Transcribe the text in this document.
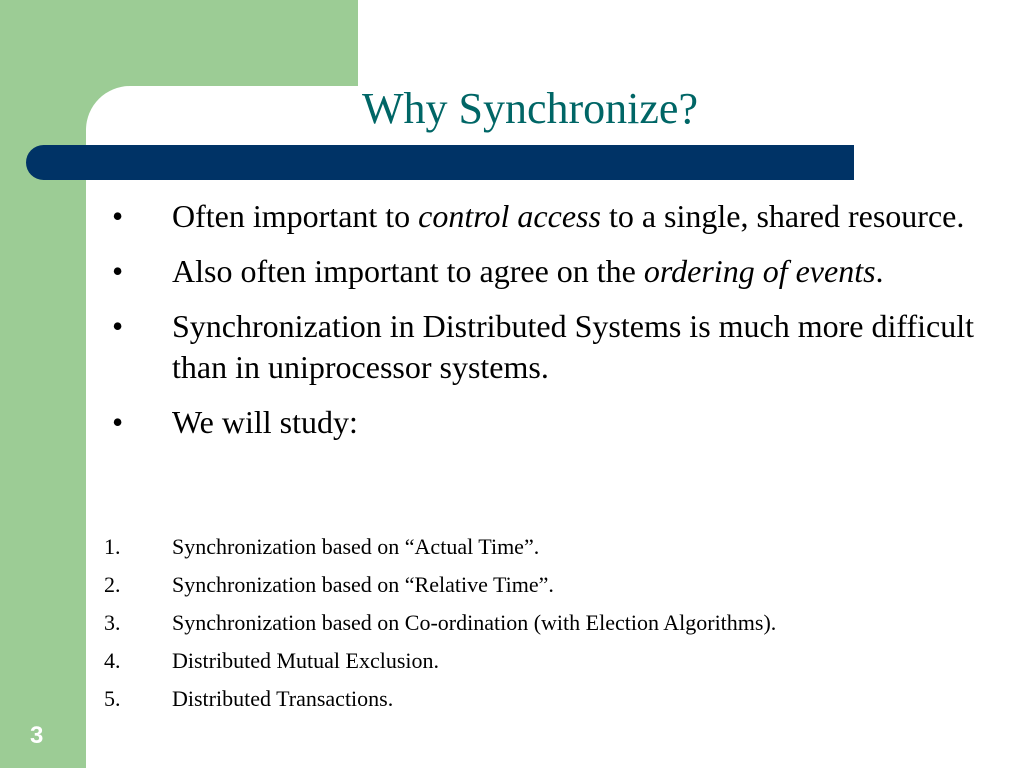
Why Synchronize?
•	Often important to control access to a single, shared resource.
•	Also often important to agree on the ordering of events.
•	Synchronization in Distributed Systems is much more difficult than in uniprocessor systems.
•	We will study:
1.	Synchronization based on “Actual Time”.
2.	Synchronization based on “Relative Time”.
3.	Synchronization based on Co-ordination (with Election Algorithms).
4.	Distributed Mutual Exclusion.
5.	Distributed Transactions.
3
